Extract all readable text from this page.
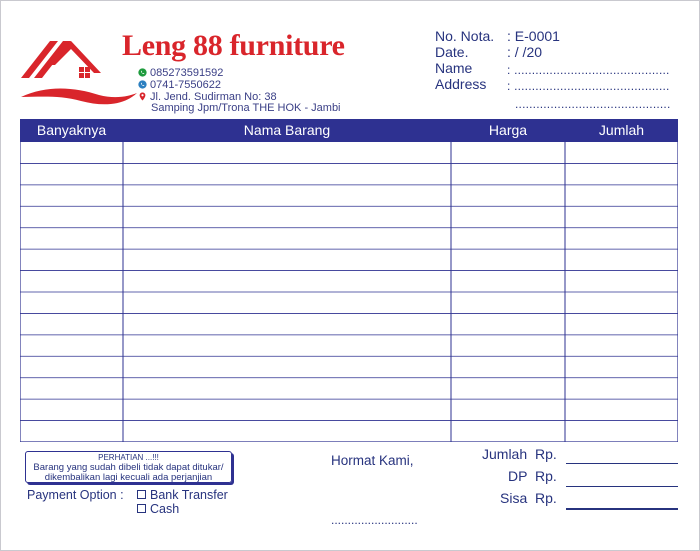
Leng 88 furniture
085273591592
0741-7550622
Jl. Jend. Sudirman No: 38
Samping Jpm/Trona THE HOK - Jambi
No. Nota. : E-0001
Date.	: / /20
Name	: ............................................
Address : ............................................
............................................
Banyaknya	Nama Barang	Harga	Jumlah
PERHATIAN ...!!!
Barang yang sudah dibeli tidak dapat ditukar/
dikembalikan lagi kecuali ada perjanjian
Payment Option :	Bank Transfer
Cash
Hormat Kami,
..........................
Jumlah Rp.
DP Rp.
Sisa Rp.
